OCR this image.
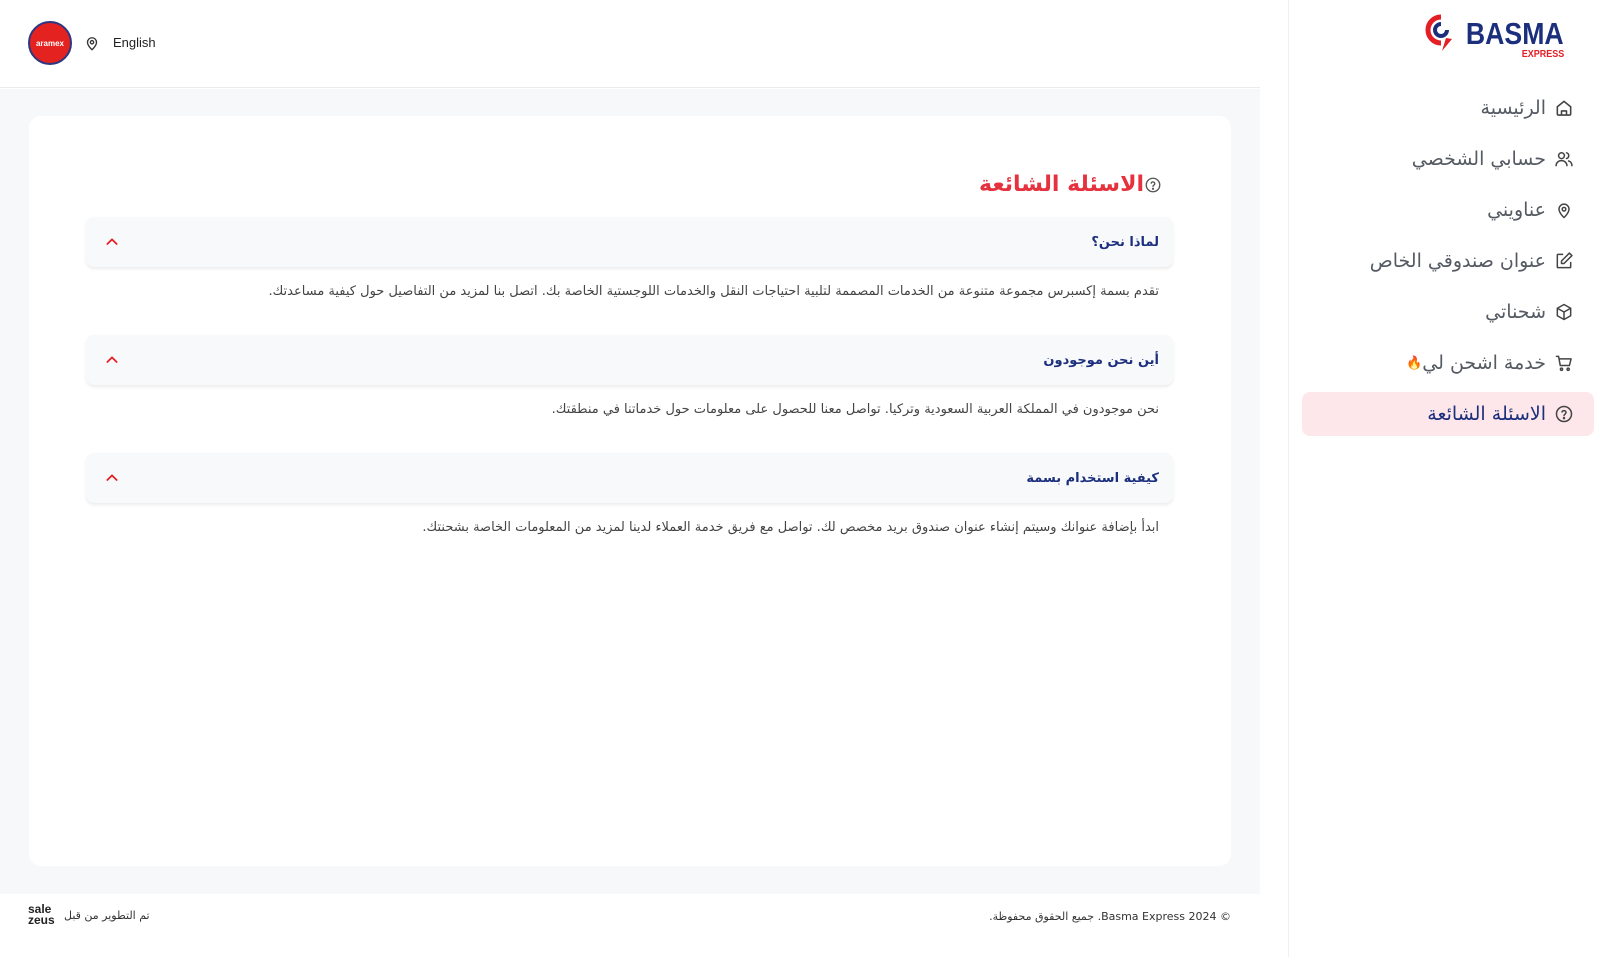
aramex	English
الاسئلة الشائعة
لماذا نحن؟
تقدم بسمة إكسبرس مجموعة متنوعة من الخدمات المصممة لتلبية احتياجات النقل والخدمات اللوجستية الخاصة بك. اتصل بنا لمزيد من التفاصيل حول كيفية مساعدتك.
أين نحن موجودون
نحن موجودون في المملكة العربية السعودية وتركيا. تواصل معنا للحصول على معلومات حول خدماتنا في منطقتك.
كيفية استخدام بسمة
ابدأ بإضافة عنوانك وسيتم إنشاء عنوان صندوق بريد مخصص لك. تواصل مع فريق خدمة العملاء لدينا لمزيد من المعلومات الخاصة بشحنتك.
sale
zeus تم التطوير من قبل	© Basma Express 2024. جميع الحقوق محفوظة.
BASMA
EXPRESS
الرئيسية
حسابي الشخصي
عناويني
عنوان صندوقي الخاص
شحناتي
خدمة اشحن لي
🔥
الاسئلة الشائعة
